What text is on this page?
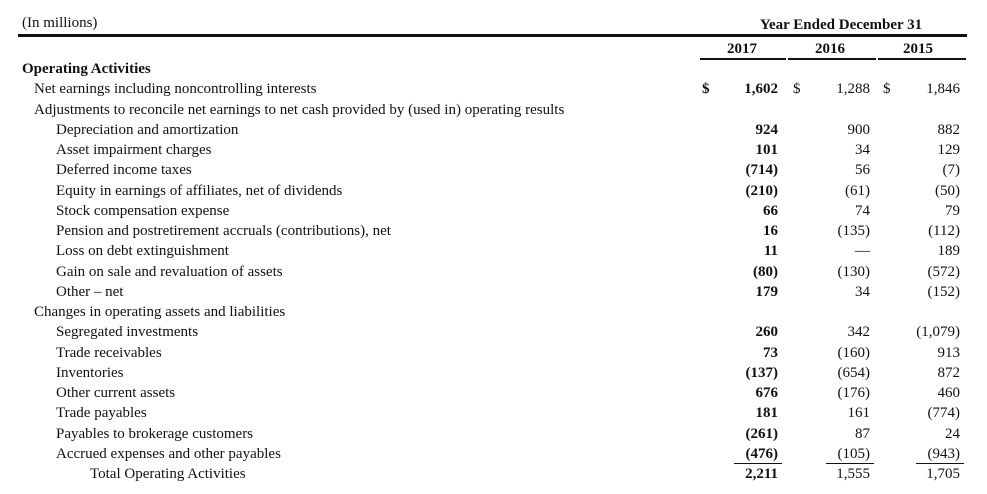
(In millions)	Year Ended December 31
2017	2016	2015
Operating Activities
Net earnings including noncontrolling interests	$	1,602 $	1,288 $	1,846
Adjustments to reconcile net earnings to net cash provided by (used in) operating results
Depreciation and amortization	924	900	882
Asset impairment charges	101	34	129
Deferred income taxes	(714)	56	(7)
Equity in earnings of affiliates, net of dividends	(210)	(61)	(50)
Stock compensation expense	66	74	79
Pension and postretirement accruals (contributions), net	16	(135)	(112)
Loss on debt extinguishment	11	—	189
Gain on sale and revaluation of assets	(80)	(130)	(572)
Other – net	179	34	(152)
Changes in operating assets and liabilities
Segregated investments	260	342	(1,079)
Trade receivables	73	(160)	913
Inventories	(137)	(654)	872
Other current assets	676	(176)	460
Trade payables	181	161	(774)
Payables to brokerage customers	(261)	87	24
Accrued expenses and other payables	(476)	(105)	(943)
Total Operating Activities	2,211	1,555	1,705
